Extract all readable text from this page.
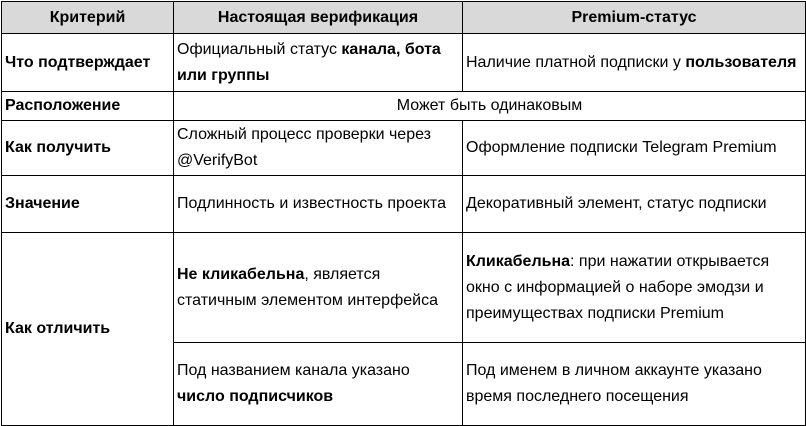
Критерий	Настоящая верификация	Premium-статус
Что подтверждает	Официальный статус канала, бота или группы	Наличие платной подписки у пользователя
Расположение	Может быть одинаковым	
Как получить	Сложный процесс проверки через @VerifyBot	Оформление подписки Telegram Premium
Значение	Подлинность и известность проекта	Декоративный элемент, статус подписки
Как отличить	Не кликабельна, является статичным элементом интерфейса	Кликабельна: при нажатии открывается окно с информацией о наборе эмодзи и преимуществах подписки Premium
	Под названием канала указано число подписчиков	Под именем в личном аккаунте указано время последнего посещения
